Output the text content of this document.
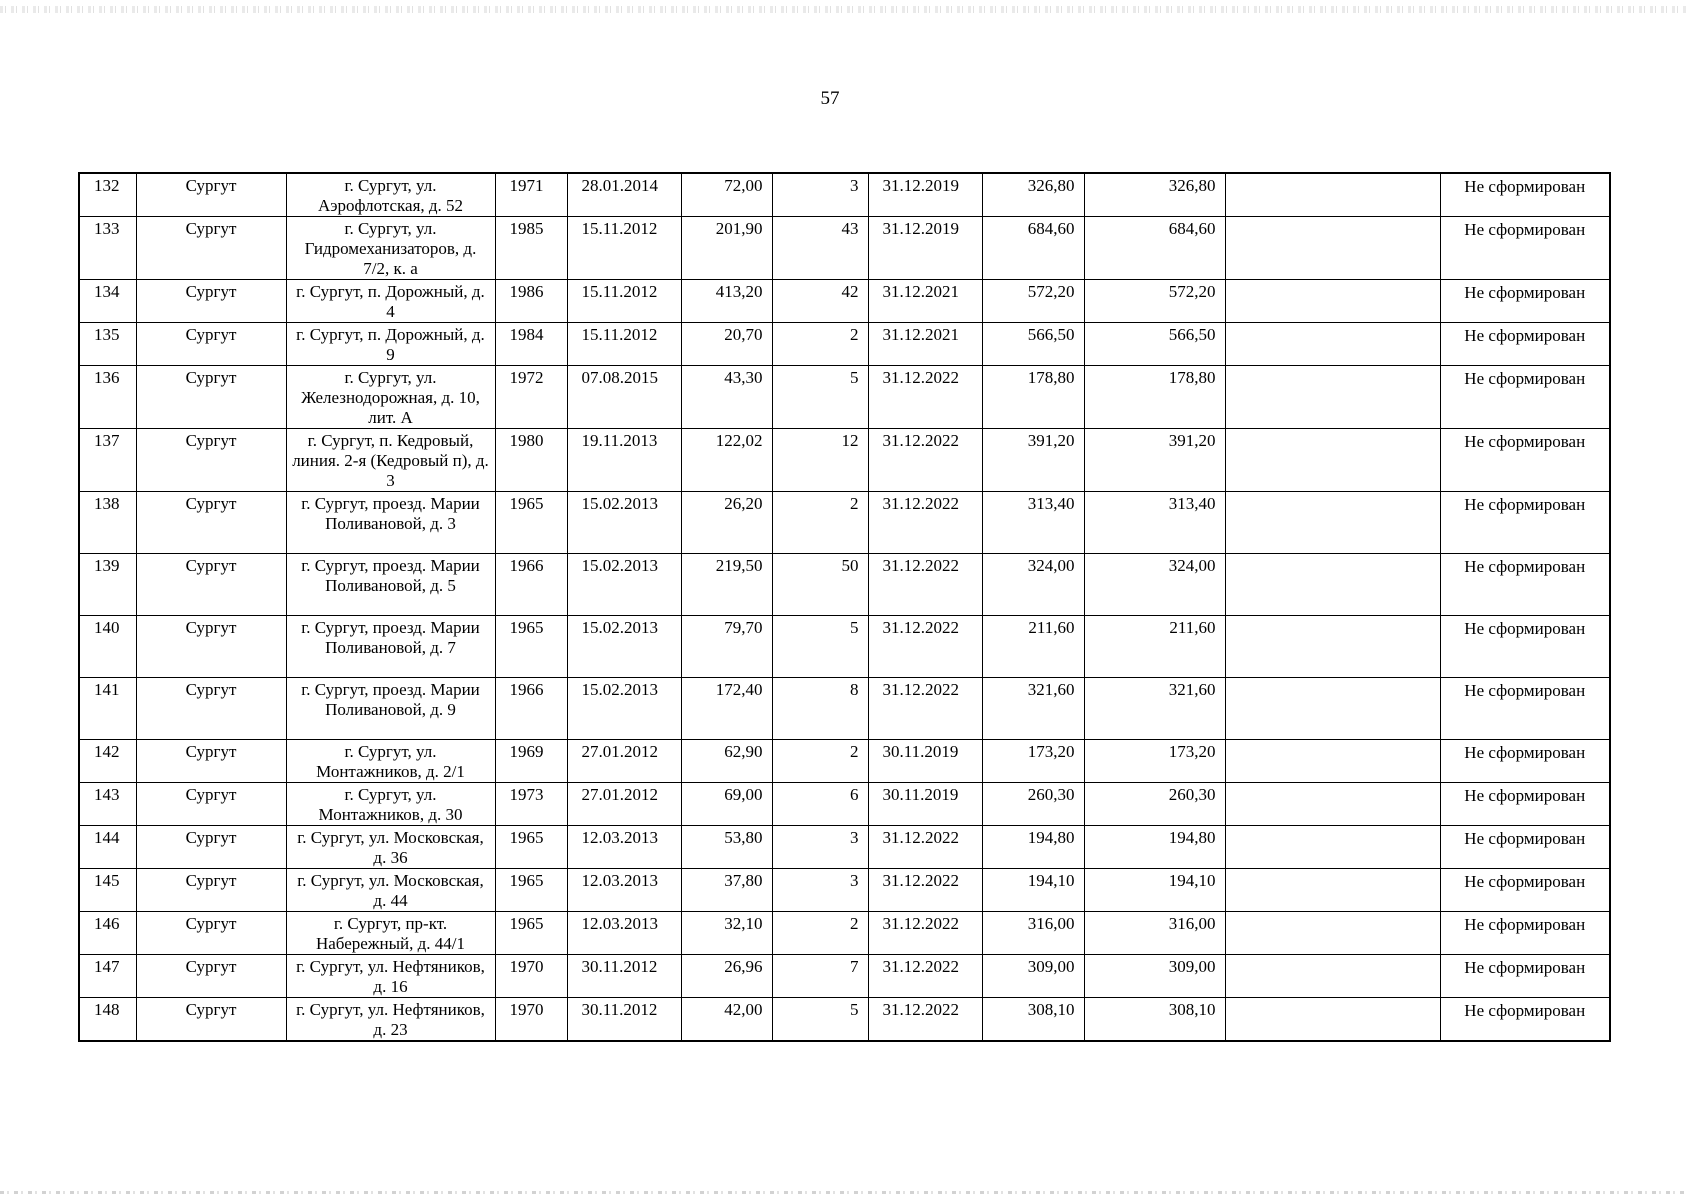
57
132	Сургут	г. Сургут, ул. Аэрофлотская, д. 52	1971	28.01.2014	72,00	3	31.12.2019	326,80	326,80		Не сформирован
133	Сургут	г. Сургут, ул. Гидромеханизаторов, д. 7/2, к. а	1985	15.11.2012	201,90	43	31.12.2019	684,60	684,60		Не сформирован
134	Сургут	г. Сургут, п. Дорожный, д. 4	1986	15.11.2012	413,20	42	31.12.2021	572,20	572,20		Не сформирован
135	Сургут	г. Сургут, п. Дорожный, д. 9	1984	15.11.2012	20,70	2	31.12.2021	566,50	566,50		Не сформирован
136	Сургут	г. Сургут, ул. Железнодорожная, д. 10, лит. А	1972	07.08.2015	43,30	5	31.12.2022	178,80	178,80		Не сформирован
137	Сургут	г. Сургут, п. Кедровый, линия. 2-я (Кедровый п), д. 3	1980	19.11.2013	122,02	12	31.12.2022	391,20	391,20		Не сформирован
138	Сургут	г. Сургут, проезд. Марии Поливановой, д. 3	1965	15.02.2013	26,20	2	31.12.2022	313,40	313,40		Не сформирован
139	Сургут	г. Сургут, проезд. Марии Поливановой, д. 5	1966	15.02.2013	219,50	50	31.12.2022	324,00	324,00		Не сформирован
140	Сургут	г. Сургут, проезд. Марии Поливановой, д. 7	1965	15.02.2013	79,70	5	31.12.2022	211,60	211,60		Не сформирован
141	Сургут	г. Сургут, проезд. Марии Поливановой, д. 9	1966	15.02.2013	172,40	8	31.12.2022	321,60	321,60		Не сформирован
142	Сургут	г. Сургут, ул. Монтажников, д. 2/1	1969	27.01.2012	62,90	2	30.11.2019	173,20	173,20		Не сформирован
143	Сургут	г. Сургут, ул. Монтажников, д. 30	1973	27.01.2012	69,00	6	30.11.2019	260,30	260,30		Не сформирован
144	Сургут	г. Сургут, ул. Московская, д. 36	1965	12.03.2013	53,80	3	31.12.2022	194,80	194,80		Не сформирован
145	Сургут	г. Сургут, ул. Московская, д. 44	1965	12.03.2013	37,80	3	31.12.2022	194,10	194,10		Не сформирован
146	Сургут	г. Сургут, пр-кт. Набережный, д. 44/1	1965	12.03.2013	32,10	2	31.12.2022	316,00	316,00		Не сформирован
147	Сургут	г. Сургут, ул. Нефтяников, д. 16	1970	30.11.2012	26,96	7	31.12.2022	309,00	309,00		Не сформирован
148	Сургут	г. Сургут, ул. Нефтяников, д. 23	1970	30.11.2012	42,00	5	31.12.2022	308,10	308,10		Не сформирован
